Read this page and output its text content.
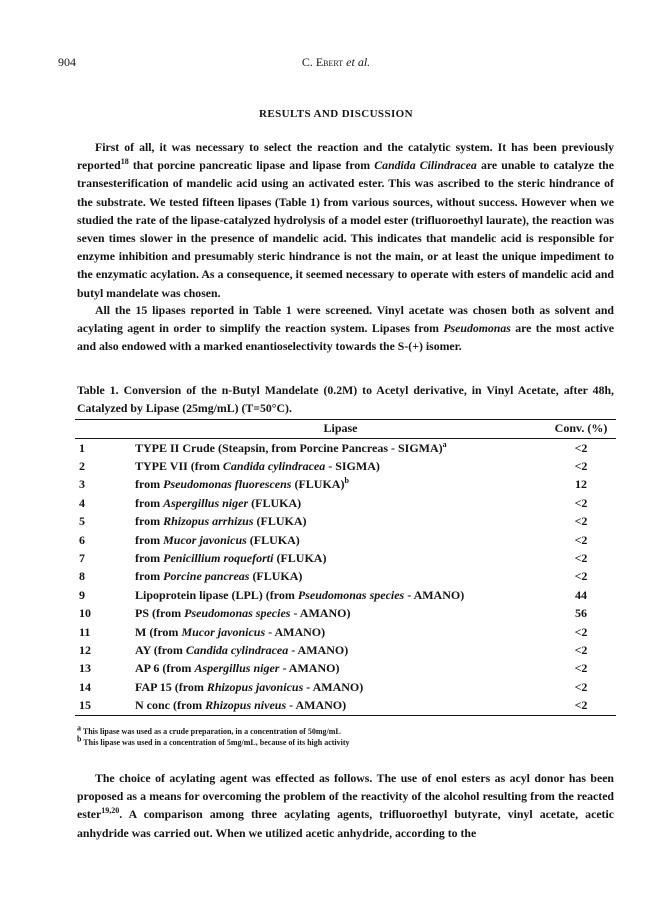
904	C. Ebert et al.
RESULTS AND DISCUSSION

First of all, it was necessary to select the reaction and the catalytic system. It has been previously reported$^{18}$ that porcine pancreatic lipase and lipase from Candida Cilindracea are unable to catalyze the transesterification of mandelic acid using an activated ester. This was ascribed to the steric hindrance of the substrate. We tested fifteen lipases (Table 1) from various sources, without success. However when we studied the rate of the lipase-catalyzed hydrolysis of a model ester (trifluoroethyl laurate), the reaction was seven times slower in the presence of mandelic acid. This indicates that mandelic acid is responsible for enzyme inhibition and presumably steric hindrance is not the main, or at least the unique impediment to the enzymatic acylation. As a consequence, it seemed necessary to operate with esters of mandelic acid and butyl mandelate was chosen.

All the 15 lipases reported in Table 1 were screened. Vinyl acetate was chosen both as solvent and acylating agent in order to simplify the reaction system. Lipases from Pseudomonas are the most active and also endowed with a marked enantioselectivity towards the S-(+) isomer.

Table 1. Conversion of the n-Butyl Mandelate (0.2M) to Acetyl derivative, in Vinyl Acetate, after 48h, Catalyzed by Lipase (25mg/mL) (T=50°C).
	Lipase	Conv. (%)
1	TYPE II Crude (Steapsin, from Porcine Pancreas - SIGMA)$^a$	<2
2	TYPE VII (from Candida cylindracea - SIGMA)	<2
3	from Pseudomonas fluorescens (FLUKA)$^b$	12
4	from Aspergillus niger (FLUKA)	<2
5	from Rhizopus arrhizus (FLUKA)	<2
6	from Mucor javonicus (FLUKA)	<2
7	from Penicillium roqueforti (FLUKA)	<2
8	from Porcine pancreas (FLUKA)	<2
9	Lipoprotein lipase (LPL) (from Pseudomonas species - AMANO)	44
10	PS (from Pseudomonas species - AMANO)	56
11	M (from Mucor javonicus - AMANO)	<2
12	AY (from Candida cylindracea - AMANO)	<2
13	AP 6 (from Aspergillus niger - AMANO)	<2
14	FAP 15 (from Rhizopus javonicus - AMANO)	<2
15	N conc (from Rhizopus niveus - AMANO)	<2
$^a$ This lipase was used as a crude preparation, in a concentration of 50mg/mL
$^b$ This lipase was used in a concentration of 5mg/mL, because of its high activity

The choice of acylating agent was effected as follows. The use of enol esters as acyl donor has been proposed as a means for overcoming the problem of the reactivity of the alcohol resulting from the reacted ester$^{19,20}$. A comparison among three acylating agents, trifluoroethyl butyrate, vinyl acetate, acetic anhydride was carried out. When we utilized acetic anhydride, according to the
